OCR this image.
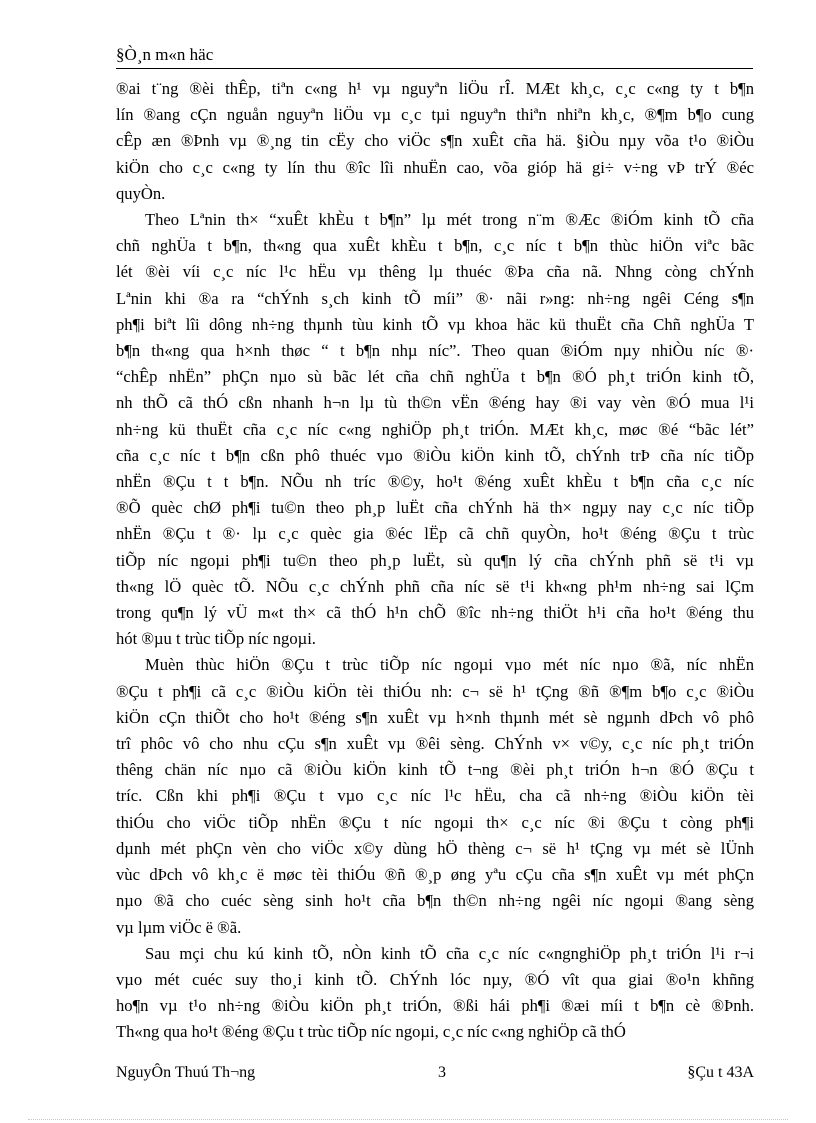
§Ò¸n m«n häc
®ai t¨ng ®èi thÊp, tiªn c«ng h¹ vµ nguyªn liÖu rÎ. MÆt kh¸c, c¸c c«ng ty t b¶n
lín ®ang cÇn nguån nguyªn liÖu vµ c¸c tµi nguyªn thiªn nhiªn kh¸c, ®¶m b¶o cung
cÊp æn ®Þnh vµ ®¸ng tin cËy cho viÖc s¶n xuÊt cña hä. §iÒu nµy võa t¹o ®iÒu
kiÖn cho c¸c c«ng ty lín thu ®îc lîi nhuËn cao, võa gióp hä gi÷ v÷ng vÞ trÝ ®éc
quyÒn.
Theo Lªnin th× “xuÊt khÈu t b¶n” lµ mét trong n¨m ®Æc ®iÓm kinh tÕ cña
chñ nghÜa t b¶n, th«ng qua xuÊt khÈu t b¶n, c¸c níc t b¶n thùc hiÖn viªc bãc
lét ®èi víi c¸c níc l¹c hËu vµ thêng lµ thuéc ®Þa cña nã. Nhng còng chÝnh
Lªnin khi ®a ra “chÝnh s¸ch kinh tÕ míi” ®· nãi r»ng: nh÷ng ngêi Céng s¶n
ph¶i biªt lîi dông nh÷ng thµnh tùu kinh tÕ vµ khoa häc kü thuËt cña Chñ nghÜa T
b¶n th«ng qua h×nh thøc “ t b¶n nhµ níc”. Theo quan ®iÓm nµy nhiÒu níc ®·
“chÊp nhËn” phÇn nµo sù bãc lét cña chñ nghÜa t b¶n ®Ó ph¸t triÓn kinh tÕ,
nh thÕ cã thÓ cßn nhanh h¬n lµ tù th©n vËn ®éng hay ®i vay vèn ®Ó mua l¹i
nh÷ng kü thuËt cña c¸c níc c«ng nghiÖp ph¸t triÓn. MÆt kh¸c, møc ®é “bãc lét”
cña c¸c níc t b¶n cßn phô thuéc vµo ®iÒu kiÖn kinh tÕ, chÝnh trÞ cña níc tiÕp
nhËn ®Çu t t b¶n. NÕu nh tríc ®©y, ho¹t ®éng xuÊt khÈu t b¶n cña c¸c níc
®Õ quèc chØ ph¶i tu©n theo ph¸p luËt cña chÝnh hä th× ngµy nay c¸c níc tiÕp
nhËn ®Çu t ®· lµ c¸c quèc gia ®éc lËp cã chñ quyÒn, ho¹t ®éng ®Çu t trùc
tiÕp níc ngoµi ph¶i tu©n theo ph¸p luËt, sù qu¶n lý cña chÝnh phñ së t¹i vµ
th«ng lÖ quèc tÕ. NÕu c¸c chÝnh phñ cña níc së t¹i kh«ng ph¹m nh÷ng sai lÇm
trong qu¶n lý vÜ m«t th× cã thÓ h¹n chÕ ®îc nh÷ng thiÖt h¹i cña ho¹t ®éng thu
hót ®µu t trùc tiÕp níc ngoµi.
Muèn thùc hiÖn ®Çu t trùc tiÕp níc ngoµi vµo mét níc nµo ®ã, níc nhËn
®Çu t ph¶i cã c¸c ®iÒu kiÖn tèi thiÓu nh: c¬ së h¹ tÇng ®ñ ®¶m b¶o c¸c ®iÒu
kiÖn cÇn thiÕt cho ho¹t ®éng s¶n xuÊt vµ h×nh thµnh mét sè ngµnh dÞch vô phô
trî phôc vô cho nhu cÇu s¶n xuÊt vµ ®êi sèng. ChÝnh v× v©y, c¸c níc ph¸t triÓn
thêng chän níc nµo cã ®iÒu kiÖn kinh tÕ t¬ng ®èi ph¸t triÓn h¬n ®Ó ®Çu t
tríc. Cßn khi ph¶i ®Çu t vµo c¸c níc l¹c hËu, cha cã nh÷ng ®iÒu kiÖn tèi
thiÓu cho viÖc tiÕp nhËn ®Çu t níc ngoµi th× c¸c níc ®i ®Çu t còng ph¶i
dµnh mét phÇn vèn cho viÖc x©y dùng hÖ thèng c¬ së h¹ tÇng vµ mét sè lÜnh
vùc dÞch vô kh¸c ë møc tèi thiÓu ®ñ ®¸p øng yªu cÇu cña s¶n xuÊt vµ mét phÇn
nµo ®ã cho cuéc sèng sinh ho¹t cña b¶n th©n nh÷ng ngêi níc ngoµi ®ang sèng
vµ lµm viÖc ë ®ã.
Sau mçi chu kú kinh tÕ, nÒn kinh tÕ cña c¸c níc c«ngnghiÖp ph¸t triÓn l¹i r¬i
vµo mét cuéc suy tho¸i kinh tÕ. ChÝnh lóc nµy, ®Ó vît qua giai ®o¹n khñng
ho¶n vµ t¹o nh÷ng ®iÒu kiÖn ph¸t triÓn, ®ßi hái ph¶i ®æi míi t b¶n cè ®Þnh.
Th«ng qua ho¹t ®éng ®Çu t trùc tiÕp níc ngoµi, c¸c níc c«ng nghiÖp cã thÓ
NguyÔn Thuú Th¬ng	3	§Çu t 43A
